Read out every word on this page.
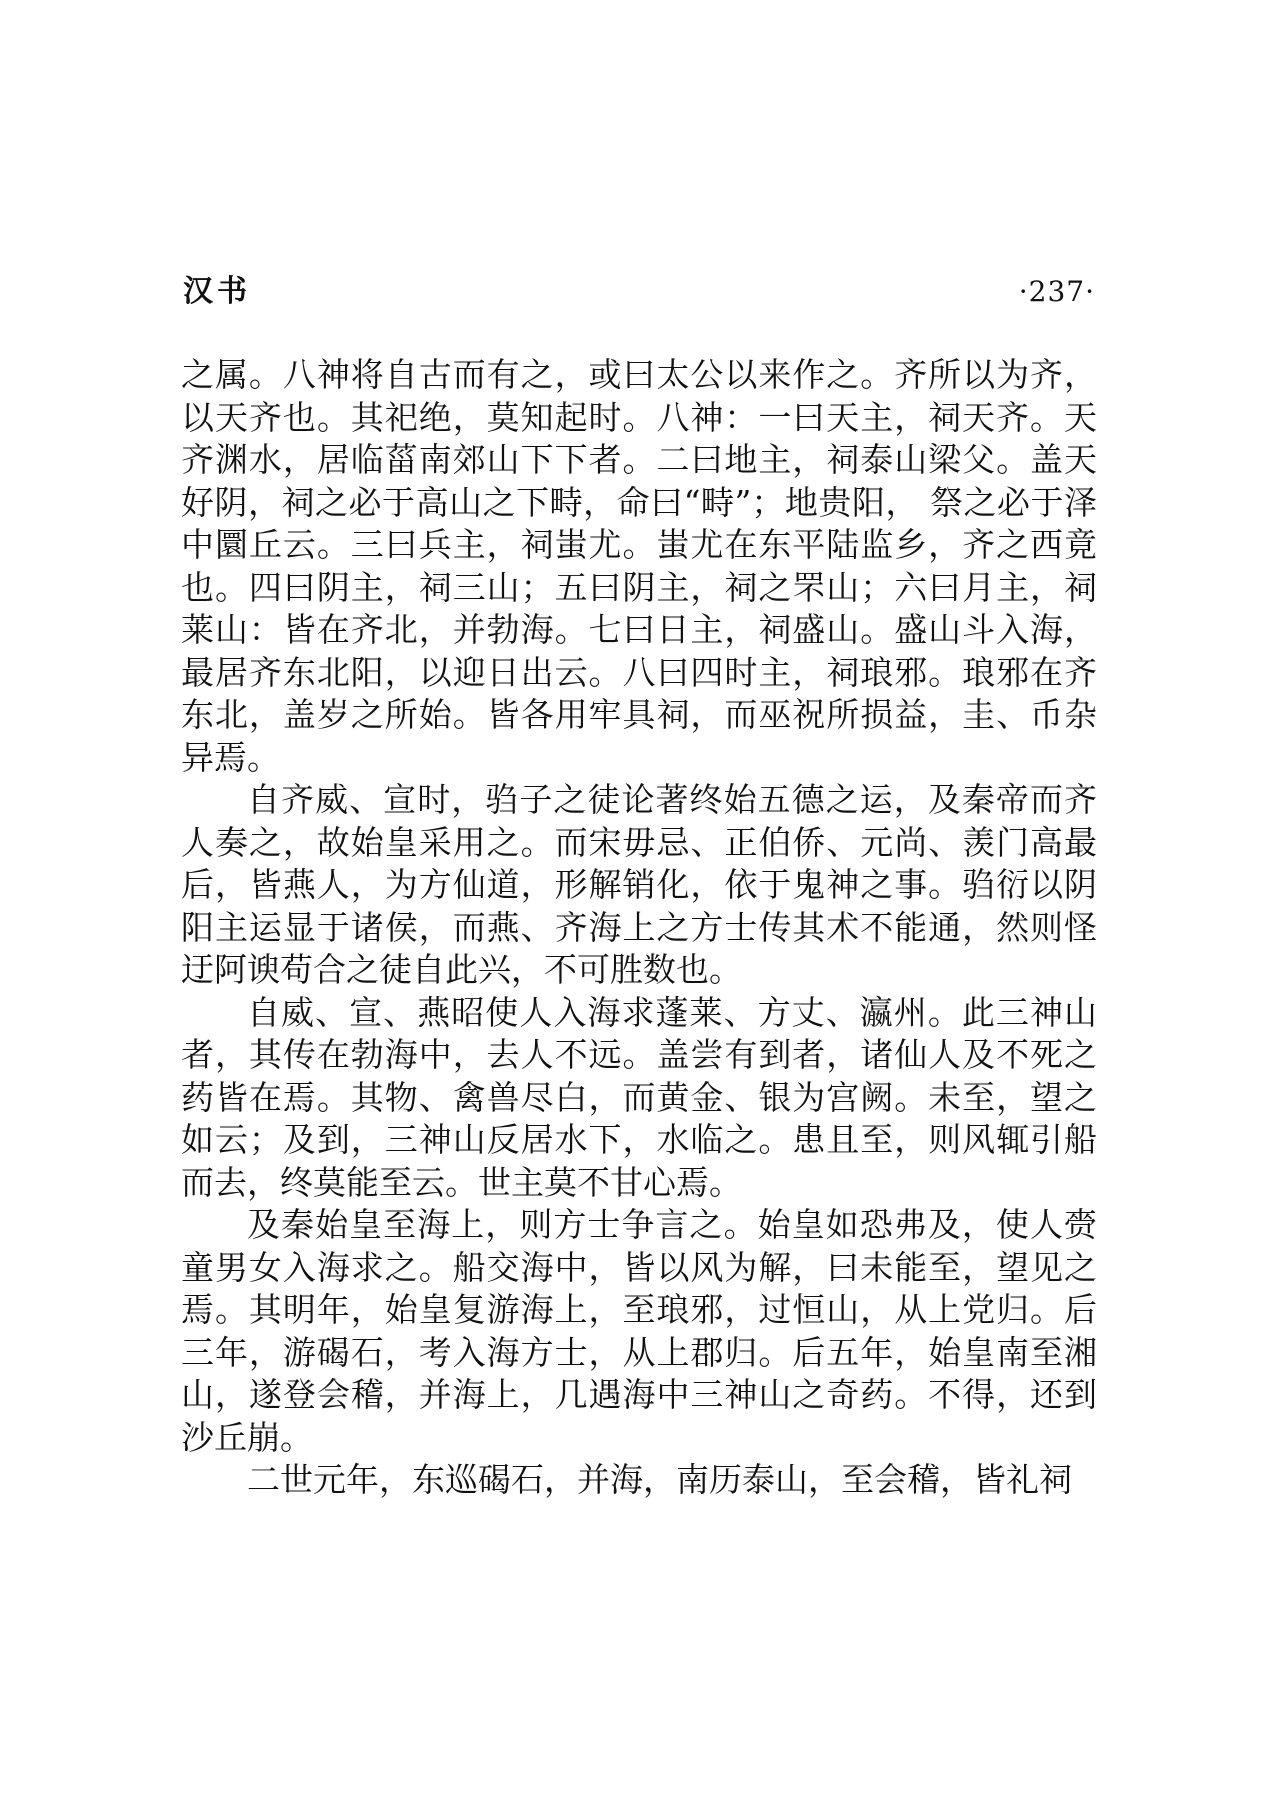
汉书	·237·

之属。八神将自古而有之，或曰太公以来作之。齐所以为齐，以天齐也。其祀绝，莫知起时。八神：一曰天主，祠天齐。天齐渊水，居临菑南郊山下下者。二曰地主，祠泰山梁父。盖天好阴，祠之必于高山之下畤，命曰“畤”；地贵阳， 祭之必于泽中圜丘云。三曰兵主，祠蚩尤。蚩尤在东平陆监乡，齐之西竟也。四曰阴主，祠三山；五曰阴主，祠之罘山；六曰月主，祠莱山：皆在齐北，并勃海。七曰日主，祠盛山。盛山斗入海，最居齐东北阳，以迎日出云。八曰四时主，祠琅邪。琅邪在齐东北，盖岁之所始。皆各用牢具祠，而巫祝所损益，圭、币杂异焉。

自齐威、宣时，驺子之徒论著终始五德之运，及秦帝而齐人奏之，故始皇采用之。而宋毋忌、正伯侨、元尚、羡门高最后，皆燕人，为方仙道，形解销化，依于鬼神之事。驺衍以阴阳主运显于诸侯，而燕、齐海上之方士传其术不能通，然则怪迂阿谀苟合之徒自此兴，不可胜数也。

自威、宣、燕昭使人入海求蓬莱、方丈、瀛州。此三神山者，其传在勃海中，去人不远。盖尝有到者，诸仙人及不死之药皆在焉。其物、禽兽尽白，而黄金、银为宫阙。未至，望之如云；及到，三神山反居水下，水临之。患且至，则风辄引船而去，终莫能至云。世主莫不甘心焉。

及秦始皇至海上，则方士争言之。始皇如恐弗及，使人赍童男女入海求之。船交海中，皆以风为解，曰未能至，望见之焉。其明年，始皇复游海上，至琅邪，过恒山，从上党归。后三年，游碣石，考入海方士，从上郡归。后五年，始皇南至湘山，遂登会稽，并海上，几遇海中三神山之奇药。不得，还到沙丘崩。

二世元年，东巡碣石，并海，南历泰山，至会稽，皆礼祠
